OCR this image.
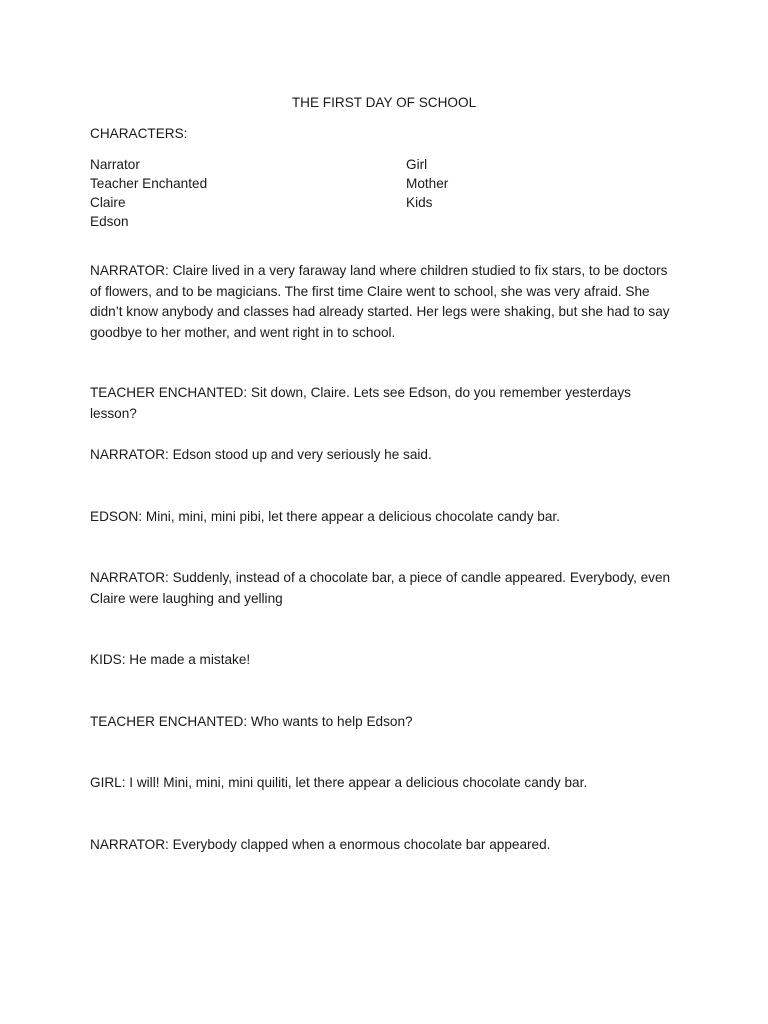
THE FIRST DAY OF SCHOOL
CHARACTERS:
Narrator
Teacher Enchanted
Claire
Edson
Girl
Mother
Kids
NARRATOR: Claire lived in a very faraway land where children studied to fix stars, to be doctors of flowers, and to be magicians. The first time Claire went to school, she was very afraid. She didn’t know anybody and classes had already started. Her legs were shaking, but she had to say goodbye to her mother, and went right in to school.
TEACHER ENCHANTED: Sit down, Claire. Lets see Edson, do you remember yesterdays lesson?
NARRATOR: Edson stood up and very seriously he said.
EDSON: Mini, mini, mini pibi, let there appear a delicious chocolate candy bar.
NARRATOR: Suddenly, instead of a chocolate bar, a piece of candle appeared. Everybody, even Claire were laughing and yelling
KIDS: He made a mistake!
TEACHER ENCHANTED: Who wants to help Edson?
GIRL: I will! Mini, mini, mini quiliti, let there appear a delicious chocolate candy bar.
NARRATOR: Everybody clapped when a enormous chocolate bar appeared.
